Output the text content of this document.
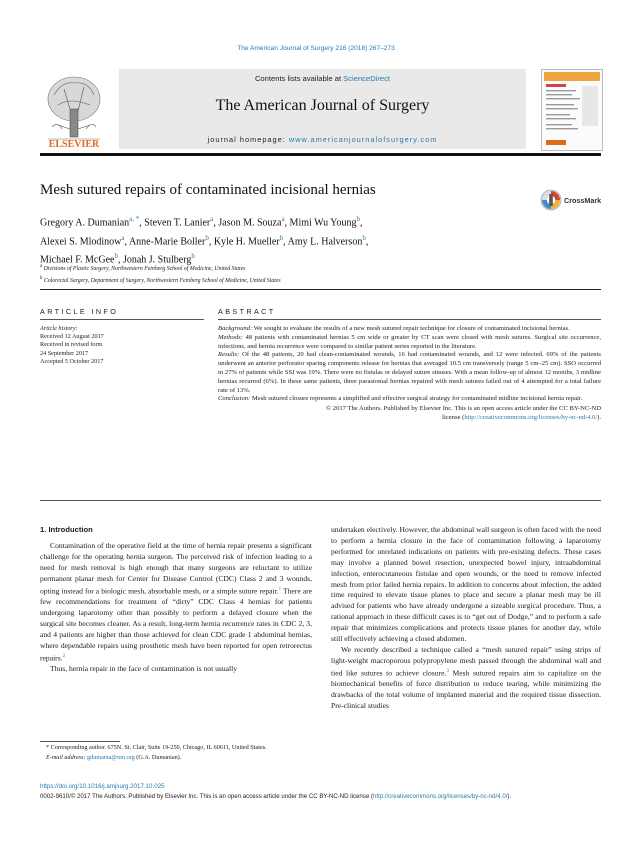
The American Journal of Surgery 216 (2018) 267–273
ELSEVIER
Contents lists available at ScienceDirect
The American Journal of Surgery
journal homepage: www.americanjournalofsurgery.com
Mesh sutured repairs of contaminated incisional hernias
CrossMark
Gregory A. Dumanian$^{a, *}$, Steven T. Lanier$^a$, Jason M. Souza$^a$, Mimi Wu Young$^b$,
Alexei S. Mlodinow$^a$, Anne-Marie Boller$^b$, Kyle H. Mueller$^b$, Amy L. Halverson$^b$,
Michael F. McGee$^b$, Jonah J. Stulberg$^b$
$^a$ Divisions of Plastic Surgery, Northwestern Feinberg School of Medicine, United States
$^b$ Colorectal Surgery, Department of Surgery, Northwestern Feinberg School of Medicine, United States
ARTICLE INFO	ABSTRACT
Article history:
Received 12 August 2017
Received in revised form
24 September 2017
Accepted 5 October 2017

Background: We sought to evaluate the results of a new mesh sutured repair technique for closure of contaminated incisional hernias.

Methods: 48 patients with contaminated hernias 5 cm wide or greater by CT scan were closed with mesh sutures. Surgical site occurrence, infections, and hernia recurrence were compared to similar patient series reported in the literature.

Results: Of the 48 patients, 20 had clean-contaminated wounds, 16 had contaminated wounds, and 12 were infected. 69% of the patients underwent an anterior perforator sparing components release for hernias that averaged 10.5 cm transversely (range 5 cm–25 cm). SSO occurred in 27% of patients while SSI was 19%. There were no fistulas or delayed suture sinuses. With a mean follow-up of almost 12 months, 3 midline hernias recurred (6%). In these same patients, three parastomal hernias repaired with mesh sutures failed out of 4 attempted for a total failure rate of 13%.

Conclusion: Mesh sutured closure represents a simplified and effective surgical strategy for contaminated midline incisional hernia repair.

© 2017 The Authors. Published by Elsevier Inc. This is an open access article under the CC BY-NC-ND
license (http://creativecommons.org/licenses/by-nc-nd/4.0/).

1. Introduction

Contamination of the operative field at the time of hernia repair presents a significant challenge for the operating hernia surgeon. The perceived risk of infection leading to a need for mesh removal is high enough that many surgeons are reluctant to utilize permanent planar mesh for Center for Disease Control (CDC) Class 2 and 3 wounds, opting instead for a biologic mesh, absorbable mesh, or a simple suture repair.$^1$ There are few recommendations for treatment of “dirty” CDC Class 4 hernias for patients undergoing laparotomy other than possibly to perform a delayed closure when the surgical site becomes cleaner. As a result, long-term hernia recurrence rates in CDC 2, 3, and 4 patients are higher than those achieved for clean CDC grade 1 abdominal hernias, where dependable repairs using prosthetic mesh have been reported for open retrorectus repairs.$^2$

Thus, hernia repair in the face of contamination is not usually

undertaken electively. However, the abdominal wall surgeon is often faced with the need to perform a hernia closure in the face of contamination following a laparotomy performed for unrelated indications on patients with pre-existing defects. These cases may involve a planned bowel resection, unexpected bowel injury, intraabdominal infection, enterocutaneous fistulae and open wounds, or the need to remove infected mesh from prior failed hernia repairs. In addition to concerns about infection, the added time required to elevate tissue planes to place and secure a planar mesh may be ill advised for patients who have already undergone a sizeable surgical procedure. Thus, a rational approach in these difficult cases is to “get out of Dodge,” and to perform a safe repair that minimizes complications and protects tissue planes for another day, while still effectively achieving a closed abdomen.

We recently described a technique called a “mesh sutured repair” using strips of light-weight macroporous polypropylene mesh passed through the abdominal wall and tied like sutures to achieve closure.$^3$ Mesh sutured repairs aim to capitalize on the biomechanical benefits of force distribution to reduce tearing, while minimizing the drawbacks of the total volume of implanted material and the required tissue dissection. Pre-clinical studies

* Corresponding author. 675N. St. Clair, Suite 19-250, Chicago, IL 60611, United States.
E-mail address: gdumania@nm.org (G.A. Dumanian).
https://doi.org/10.1016/j.amjsurg.2017.10.025
0002-9610/© 2017 The Authors. Published by Elsevier Inc. This is an open access article under the CC BY-NC-ND license (http://creativecommons.org/licenses/by-nc-nd/4.0/).
